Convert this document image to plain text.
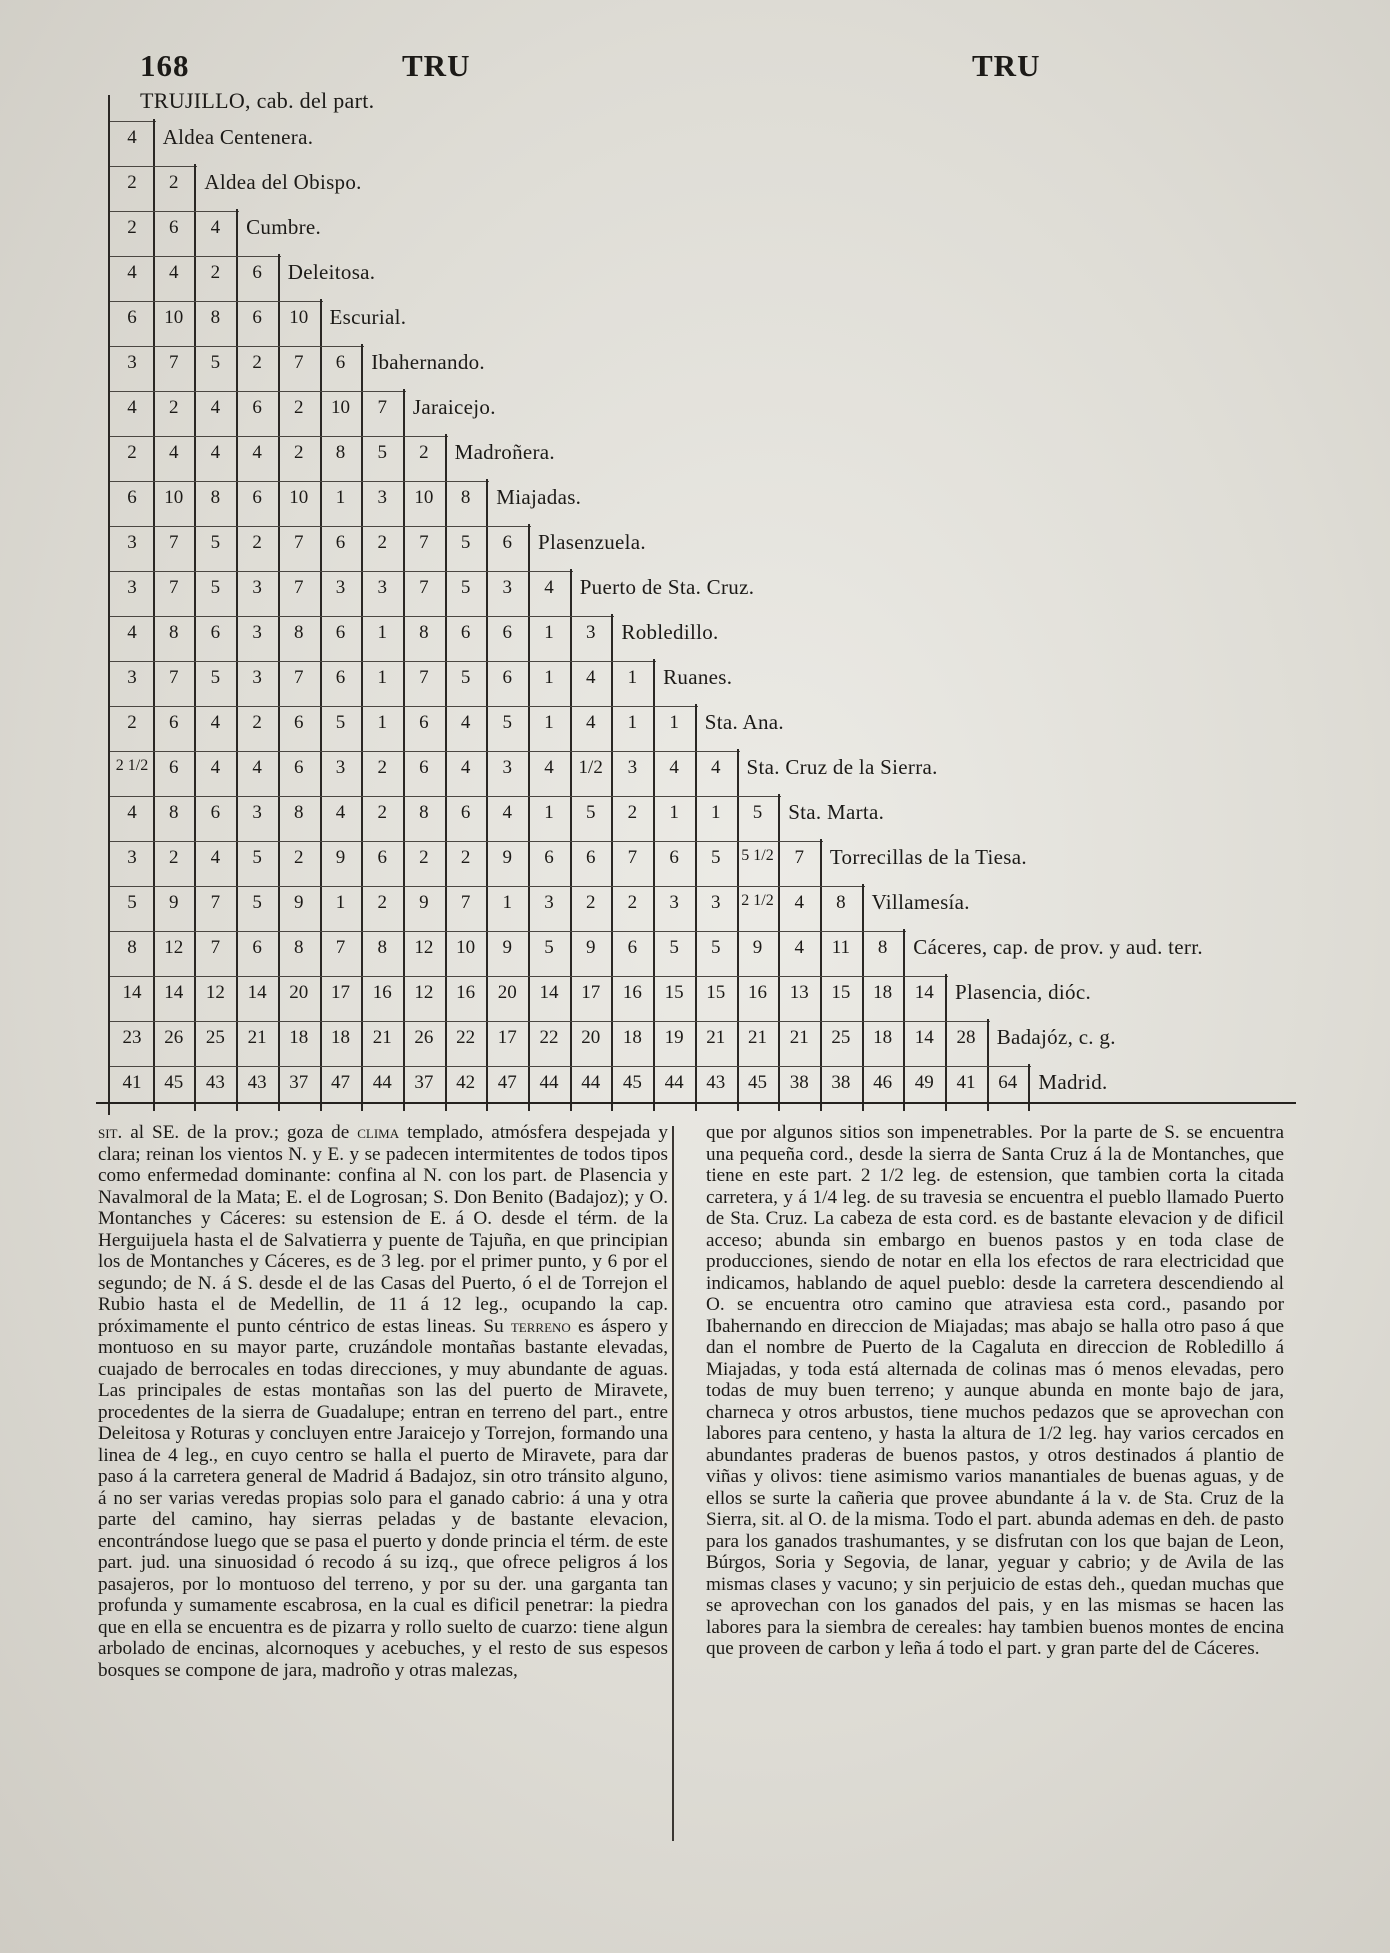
168	TRU	TRU
TRUJILLO, cab. del part.
4	Aldea Centenera.
2	2	Aldea del Obispo.
2	6	4	Cumbre.
4	4	2	6	Deleitosa.
6	10	8	6	10	Escurial.
3	7	5	2	7	6	Ibahernando.
4	2	4	6	2	10	7	Jaraicejo.
2	4	4	4	2	8	5	2	Madroñera.
6	10	8	6	10	1	3	10	8	Miajadas.
3	7	5	2	7	6	2	7	5	6	Plasenzuela.
3	7	5	3	7	3	3	7	5	3	4	Puerto de Sta. Cruz.
4	8	6	3	8	6	1	8	6	6	1	3	Robledillo.
3	7	5	3	7	6	1	7	5	6	1	4	1	Ruanes.
2	6	4	2	6	5	1	6	4	5	1	4	1	1	Sta. Ana.
2 1/2	6	4	4	6	3	2	6	4	3	4	1/2	3	4	4	Sta. Cruz de la Sierra.
4	8	6	3	8	4	2	8	6	4	1	5	2	1	1	5	Sta. Marta.
3	2	4	5	2	9	6	2	2	9	6	6	7	6	5	5 1/2	7	Torrecillas de la Tiesa.
5	9	7	5	9	1	2	9	7	1	3	2	2	3	3	2 1/2	4	8	Villamesía.
8	12	7	6	8	7	8	12	10	9	5	9	6	5	5	9	4	11	8	Cáceres, cap. de prov. y aud. terr.
14	14	12	14	20	17	16	12	16	20	14	17	16	15	15	16	13	15	18	14	Plasencia, dióc.
23	26	25	21	18	18	21	26	22	17	22	20	18	19	21	21	21	25	18	14	28	Badajóz, c. g.
41	45	43	43	37	47	44	37	42	47	44	44	45	44	43	45	38	38	46	49	41	64	Madrid.

sit. al SE. de la prov.; goza de clima templado, atmósfera despejada y clara; reinan los vientos N. y E. y se padecen intermitentes de todos tipos como enfermedad dominante: confina al N. con los part. de Plasencia y Navalmoral de la Mata; E. el de Logrosan; S. Don Benito (Badajoz); y O. Montanches y Cáceres: su estension de E. á O. desde el térm. de la Herguijuela hasta el de Salvatierra y puente de Tajuña, en que principian los de Montanches y Cáceres, es de 3 leg. por el primer punto, y 6 por el segundo; de N. á S. desde el de las Casas del Puerto, ó el de Torrejon el Rubio hasta el de Medellin, de 11 á 12 leg., ocupando la cap. próximamente el punto céntrico de estas lineas. Su terreno es áspero y montuoso en su mayor parte, cruzándole montañas bastante elevadas, cuajado de berrocales en todas direcciones, y muy abundante de aguas. Las principales de estas montañas son las del puerto de Miravete, procedentes de la sierra de Guadalupe; entran en terreno del part., entre Deleitosa y Roturas y concluyen entre Jaraicejo y Torrejon, formando una linea de 4 leg., en cuyo centro se halla el puerto de Miravete, para dar paso á la carretera general de Madrid á Badajoz, sin otro tránsito alguno, á no ser varias veredas propias solo para el ganado cabrio: á una y otra parte del camino, hay sierras peladas y de bastante elevacion, encontrándose luego que se pasa el puerto y donde princia el térm. de este part. jud. una sinuosidad ó recodo á su izq., que ofrece peligros á los pasajeros, por lo montuoso del terreno, y por su der. una garganta tan profunda y sumamente escabrosa, en la cual es dificil penetrar: la piedra que en ella se encuentra es de pizarra y rollo suelto de cuarzo: tiene algun arbolado de encinas, alcornoques y acebuches, y el resto de sus espesos bosques se compone de jara, madroño y otras malezas,

que por algunos sitios son impenetrables. Por la parte de S. se encuentra una pequeña cord., desde la sierra de Santa Cruz á la de Montanches, que tiene en este part. 2 1/2 leg. de estension, que tambien corta la citada carretera, y á 1/4 leg. de su travesia se encuentra el pueblo llamado Puerto de Sta. Cruz. La cabeza de esta cord. es de bastante elevacion y de dificil acceso; abunda sin embargo en buenos pastos y en toda clase de producciones, siendo de notar en ella los efectos de rara electricidad que indicamos, hablando de aquel pueblo: desde la carretera descendiendo al O. se encuentra otro camino que atraviesa esta cord., pasando por Ibahernando en direccion de Miajadas; mas abajo se halla otro paso á que dan el nombre de Puerto de la Cagaluta en direccion de Robledillo á Miajadas, y toda está alternada de colinas mas ó menos elevadas, pero todas de muy buen terreno; y aunque abunda en monte bajo de jara, charneca y otros arbustos, tiene muchos pedazos que se aprovechan con labores para centeno, y hasta la altura de 1/2 leg. hay varios cercados en abundantes praderas de buenos pastos, y otros destinados á plantio de viñas y olivos: tiene asimismo varios manantiales de buenas aguas, y de ellos se surte la cañeria que provee abundante á la v. de Sta. Cruz de la Sierra, sit. al O. de la misma. Todo el part. abunda ademas en deh. de pasto para los ganados trashumantes, y se disfrutan con los que bajan de Leon, Búrgos, Soria y Segovia, de lanar, yeguar y cabrio; y de Avila de las mismas clases y vacuno; y sin perjuicio de estas deh., quedan muchas que se aprovechan con los ganados del pais, y en las mismas se hacen las labores para la siembra de cereales: hay tambien buenos montes de encina que proveen de carbon y leña á todo el part. y gran parte del de Cáceres.
